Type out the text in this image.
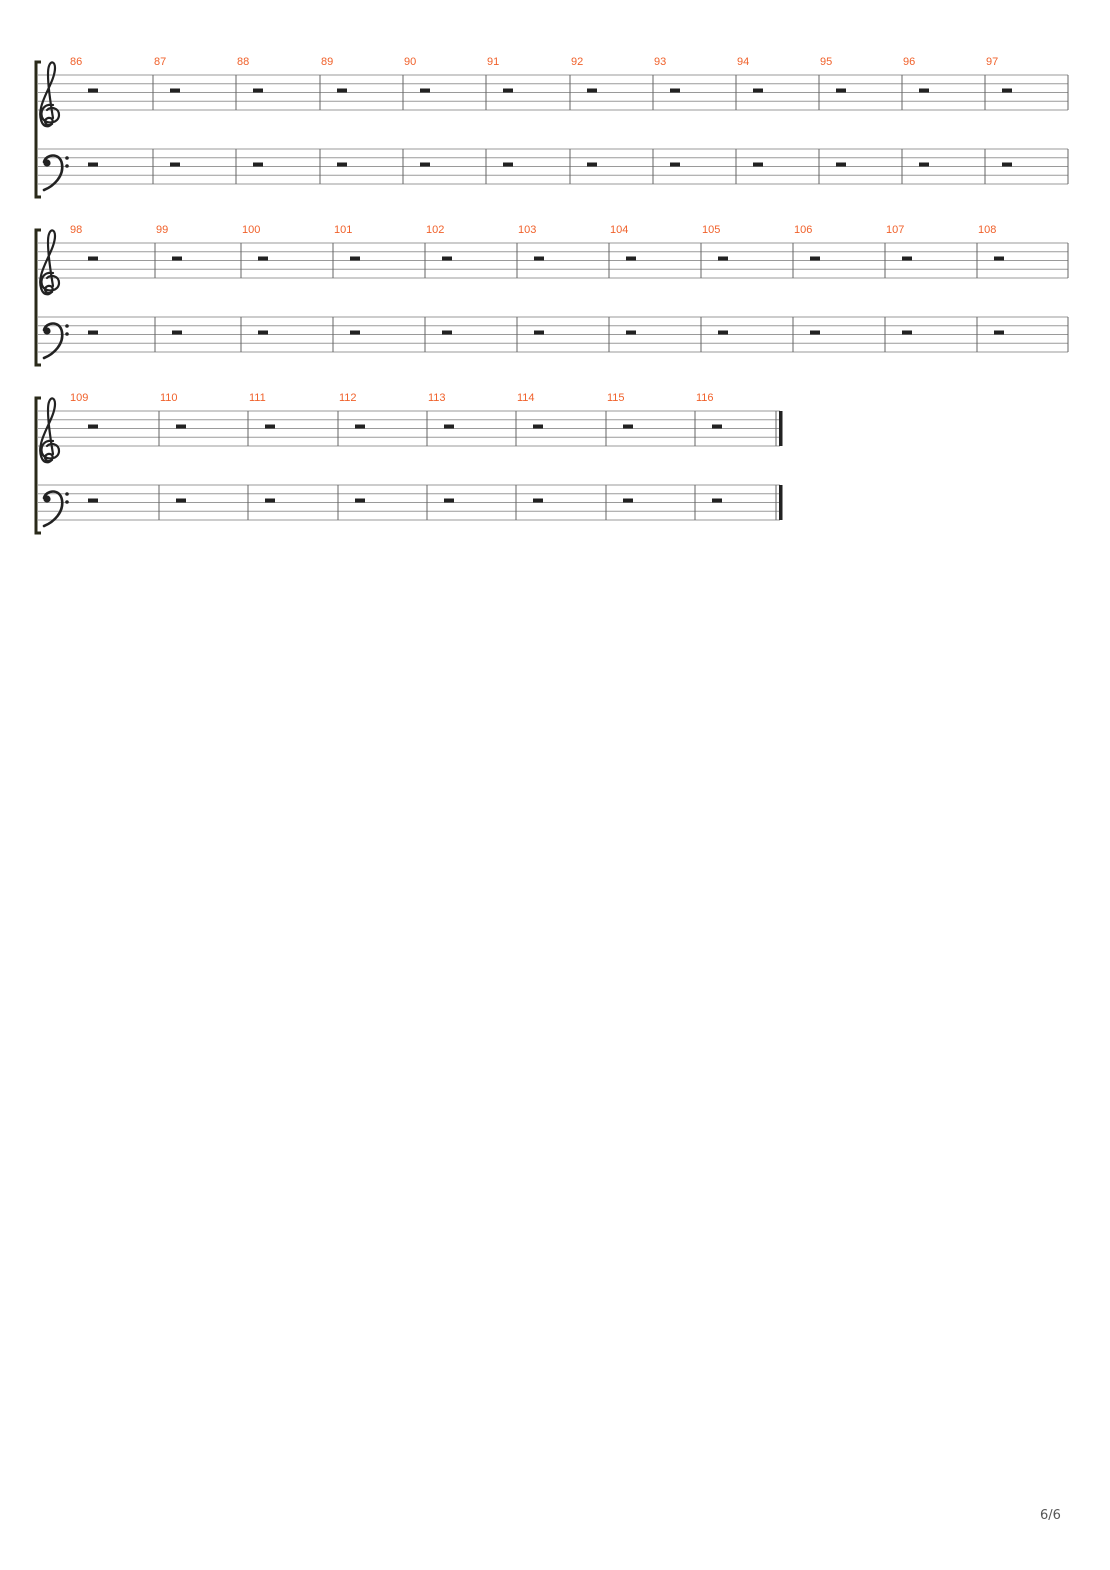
86	87	88	89	90	91	92	93	94	95	96	97
98	99	100	101	102	103	104	105	106	107	108
109	110	111	112	113	114	115	116
6/6
